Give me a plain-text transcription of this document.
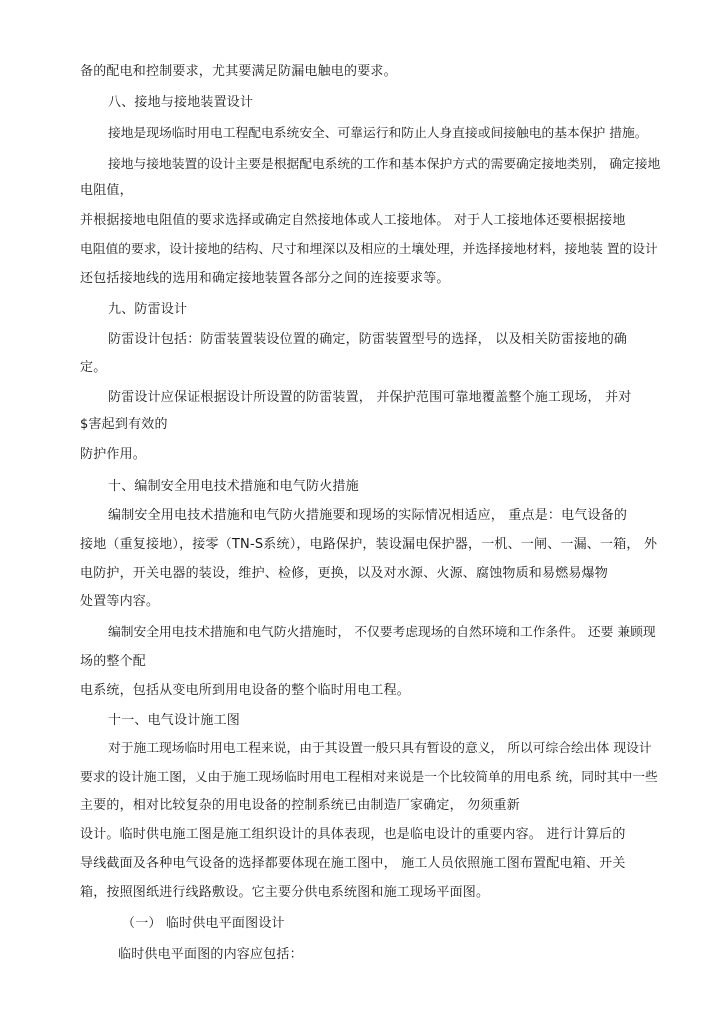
备的配电和控制要求，尤其要满足防漏电触电的要求。
八、接地与接地装置设计
接地是现场临时用电工程配电系统安全、可靠运行和防止人身直接或间接触电的基本保护 措施。
接地与接地装置的设计主要是根据配电系统的工作和基本保护方式的需要确定接地类别， 确定接地
电阻值，
并根据接地电阻值的要求选择或确定自然接地体或人工接地体。 对于人工接地体还要根据接地
电阻值的要求，设计接地的结构、尺寸和埋深以及相应的土壤处理，并选择接地材料，接地装 置的设计
还包括接地线的选用和确定接地装置各部分之间的连接要求等。
九、防雷设计
防雷设计包括：防雷装置装设位置的确定，防雷装置型号的选择， 以及相关防雷接地的确
定。
防雷设计应保证根据设计所设置的防雷装置， 并保护范围可靠地覆盖整个施工现场， 并对
$害起到有效的
防护作用。
十、编制安全用电技术措施和电气防火措施
编制安全用电技术措施和电气防火措施要和现场的实际情况相适应， 重点是：电气设备的
接地（重复接地），接零（TN-S系统），电路保护，装设漏电保护器，一机、一闸、一漏、一箱， 外
电防护，开关电器的装设，维护、检修，更换，以及对水源、火源、腐蚀物质和易燃易爆物
处置等内容。
编制安全用电技术措施和电气防火措施时， 不仅要考虑现场的自然环境和工作条件。 还要 兼顾现
场的整个配
电系统，包括从变电所到用电设备的整个临时用电工程。
十一、电气设计施工图
对于施工现场临时用电工程来说，由于其设置一般只具有暂设的意义， 所以可综合绘出体 现设计
要求的设计施工图，乂由于施工现场临时用电工程相对来说是一个比较简单的用电系 统，同时其中一些
主要的，相对比较复杂的用电设备的控制系统已由制造厂家确定， 勿须重新
设计。临时供电施工图是施工组织设计的具体表现，也是临电设计的重要内容。 进行计算后的
导线截面及各种电气设备的选择都要体现在施工图中， 施工人员依照施工图布置配电箱、开关
箱，按照图纸进行线路敷设。它主要分供电系统图和施工现场平面图。
（一） 临时供电平面图设计
临时供电平面图的内容应包括：
